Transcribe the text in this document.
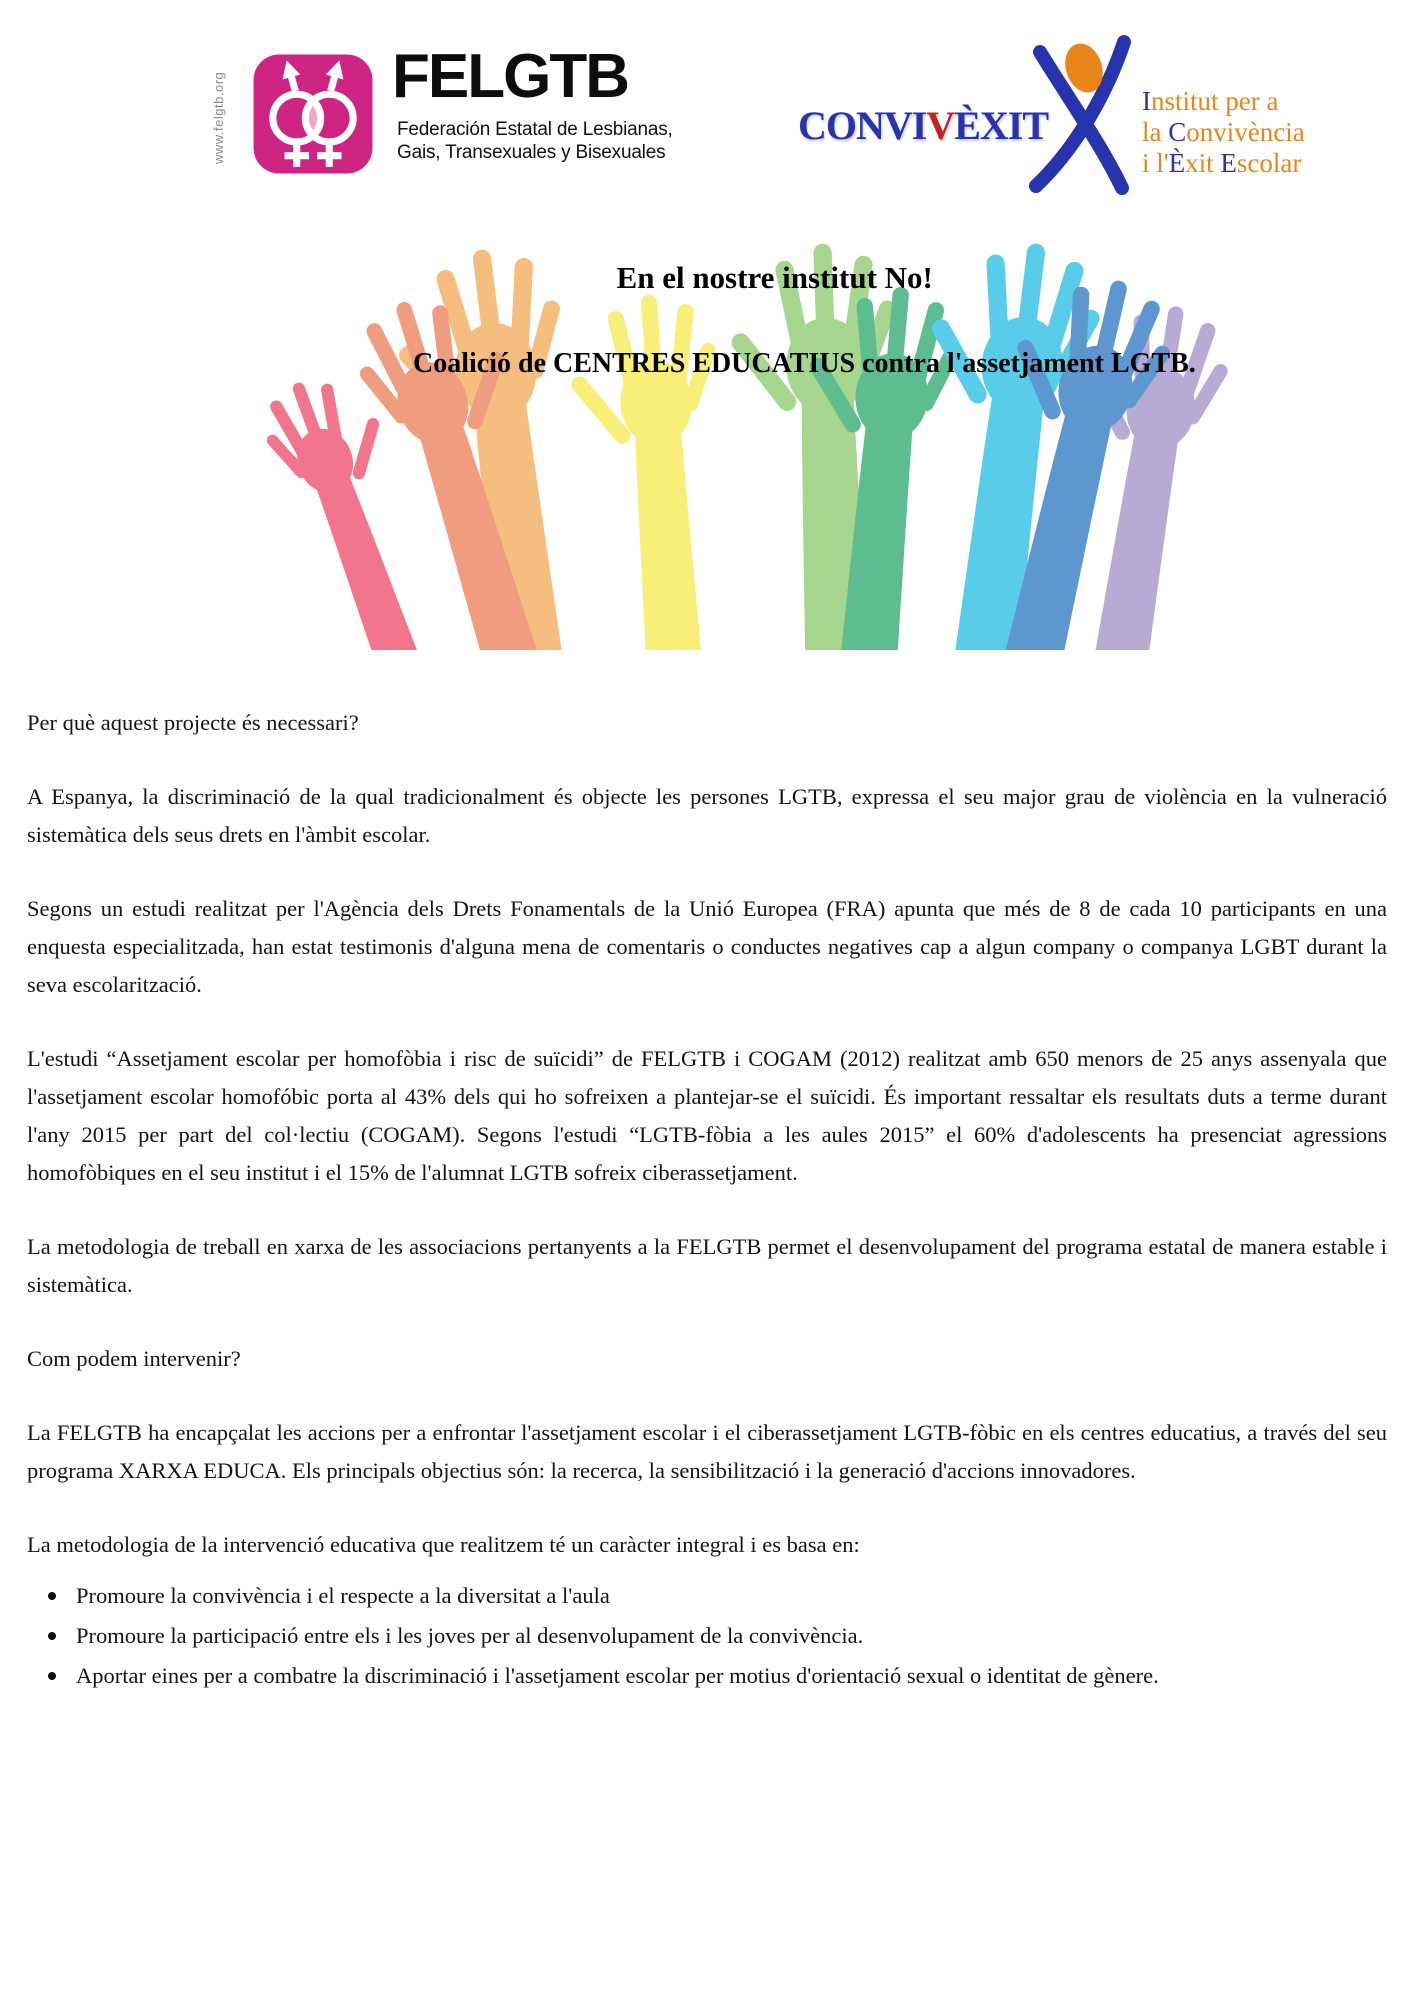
www.felgtb.org	FELGTB
Federación Estatal de Lesbianas,
Gais, Transexuales y Bisexuales
CONVIVÈXIT
Institut per a
la Convivència
i l'Èxit Escolar
En el nostre institut No!
Coalició de CENTRES EDUCATIUS contra l'assetjament LGTB.

Per què aquest projecte és necessari?

A Espanya, la discriminació de la qual tradicionalment és objecte les persones LGTB, expressa el seu major grau de violència en la vulneració sistemàtica dels seus drets en l'àmbit escolar.

Segons un estudi realitzat per l'Agència dels Drets Fonamentals de la Unió Europea (FRA) apunta que més de 8 de cada 10 participants en una enquesta especialitzada, han estat testimonis d'alguna mena de comentaris o conductes negatives cap a algun company o companya LGBT durant la seva escolarització.

L'estudi “Assetjament escolar per homofòbia i risc de suïcidi” de FELGTB i COGAM (2012) realitzat amb 650 menors de 25 anys assenyala que l'assetjament escolar homofóbic porta al 43% dels qui ho sofreixen a plantejar-se el suïcidi. És important ressaltar els resultats duts a terme durant l'any 2015 per part del col·lectiu (COGAM). Segons l'estudi “LGTB-fòbia a les aules 2015” el 60% d'adolescents ha presenciat agressions homofòbiques en el seu institut i el 15% de l'alumnat LGTB sofreix ciberassetjament.

La metodologia de treball en xarxa de les associacions pertanyents a la FELGTB permet el desenvolupament del programa estatal de manera estable i sistemàtica.

Com podem intervenir?

La FELGTB ha encapçalat les accions per a enfrontar l'assetjament escolar i el ciberassetjament LGTB-fòbic en els centres educatius, a través del seu programa XARXA EDUCA. Els principals objectius són: la recerca, la sensibilització i la generació d'accions innovadores.

La metodologia de la intervenció educativa que realitzem té un caràcter integral i es basa en:

Promoure la convivència i el respecte a la diversitat a l'aula
Promoure la participació entre els i les joves per al desenvolupament de la convivència.
Aportar eines per a combatre la discriminació i l'assetjament escolar per motius d'orientació sexual o identitat de gènere.
